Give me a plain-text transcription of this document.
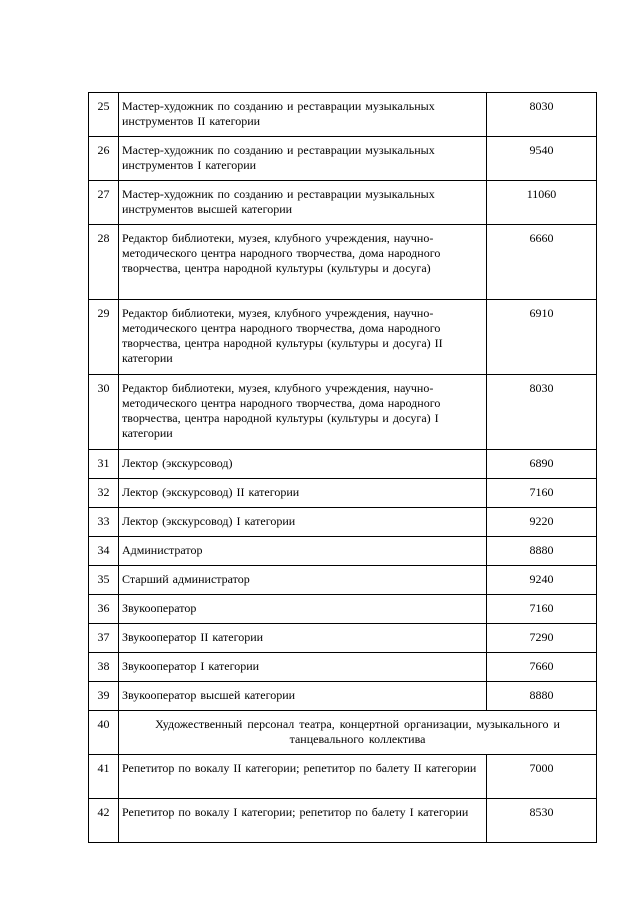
25	Мастер-художник по созданию и реставрации музыкальных инструментов II категории	8030
26	Мастер-художник по созданию и реставрации музыкальных инструментов I категории	9540
27	Мастер-художник по созданию и реставрации музыкальных инструментов высшей категории	11060
28	Редактор библиотеки, музея, клубного учреждения, научно-методического центра народного творчества, дома народного творчества, центра народной культуры (культуры и досуга)	6660
29	Редактор библиотеки, музея, клубного учреждения, научно-методического центра народного творчества, дома народного творчества, центра народной культуры (культуры и досуга) II категории	6910
30	Редактор библиотеки, музея, клубного учреждения, научно-методического центра народного творчества, дома народного творчества, центра народной культуры (культуры и досуга) I категории	8030
31	Лектор (экскурсовод)	6890
32	Лектор (экскурсовод) II категории	7160
33	Лектор (экскурсовод) I категории	9220
34	Администратор	8880
35	Старший администратор	9240
36	Звукооператор	7160
37	Звукооператор II категории	7290
38	Звукооператор I категории	7660
39	Звукооператор высшей категории	8880
40	Художественный персонал театра, концертной организации, музыкального и танцевального коллектива	
41	Репетитор по вокалу II категории; репетитор по балету II категории	7000
42	Репетитор по вокалу I категории; репетитор по балету I категории	8530
